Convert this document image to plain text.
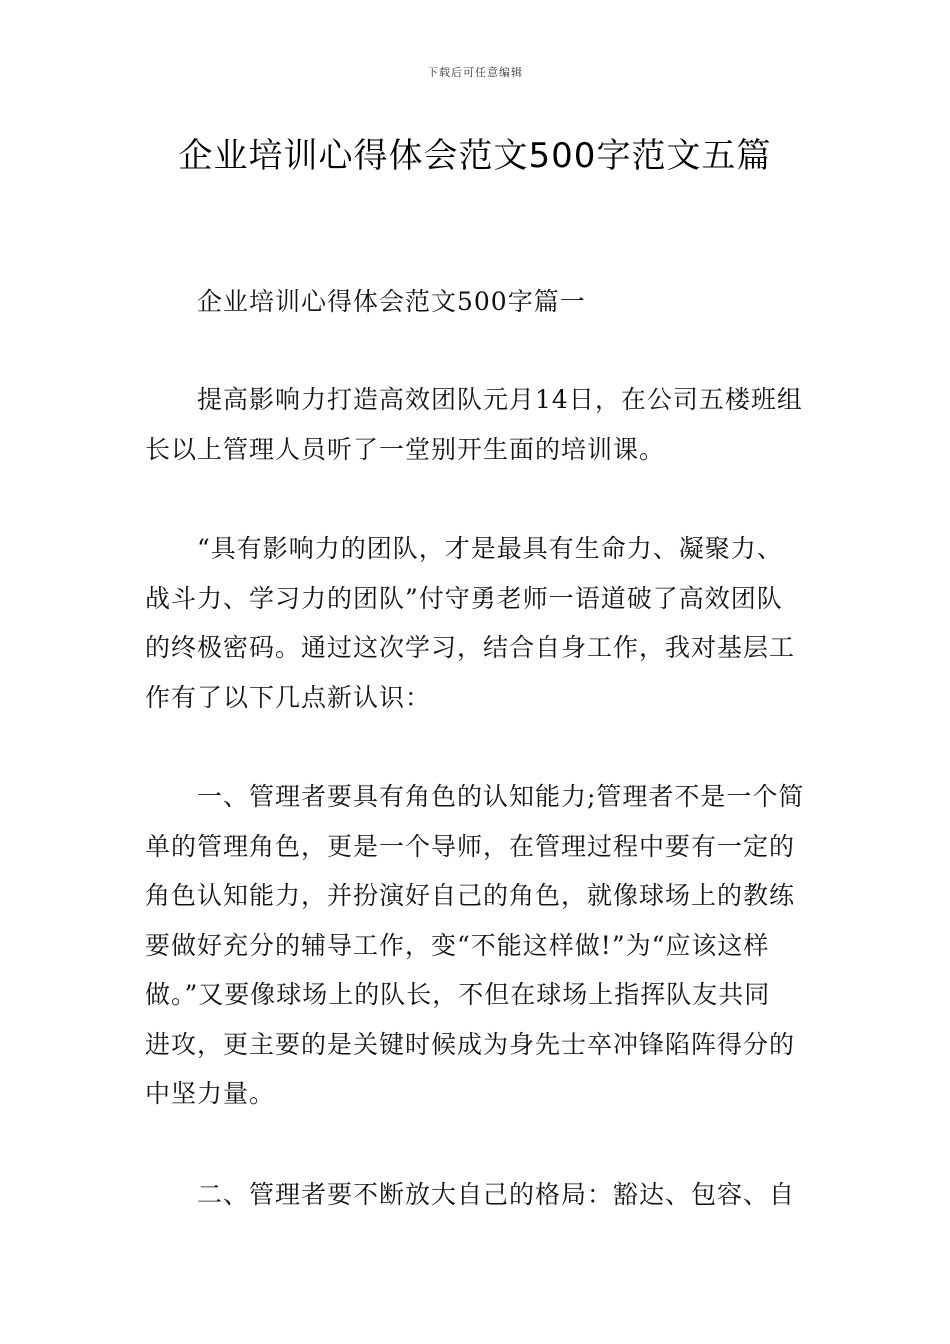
下载后可任意编辑
企业培训心得体会范文500字范文五篇
企业培训心得体会范文500字篇一

提高影响力打造高效团队元月14日，在公司五楼班组
长以上管理人员听了一堂别开生面的培训课。

“具有影响力的团队，才是最具有生命力、凝聚力、
战斗力、学习力的团队”付守勇老师一语道破了高效团队
的终极密码。通过这次学习，结合自身工作，我对基层工
作有了以下几点新认识：

一、管理者要具有角色的认知能力;管理者不是一个简
单的管理角色，更是一个导师，在管理过程中要有一定的
角色认知能力，并扮演好自己的角色，就像球场上的教练
要做好充分的辅导工作，变“不能这样做!”为“应该这样
做。”又要像球场上的队长，不但在球场上指挥队友共同
进攻，更主要的是关键时候成为身先士卒冲锋陷阵得分的
中坚力量。

二、管理者要不断放大自己的格局：豁达、包容、自
